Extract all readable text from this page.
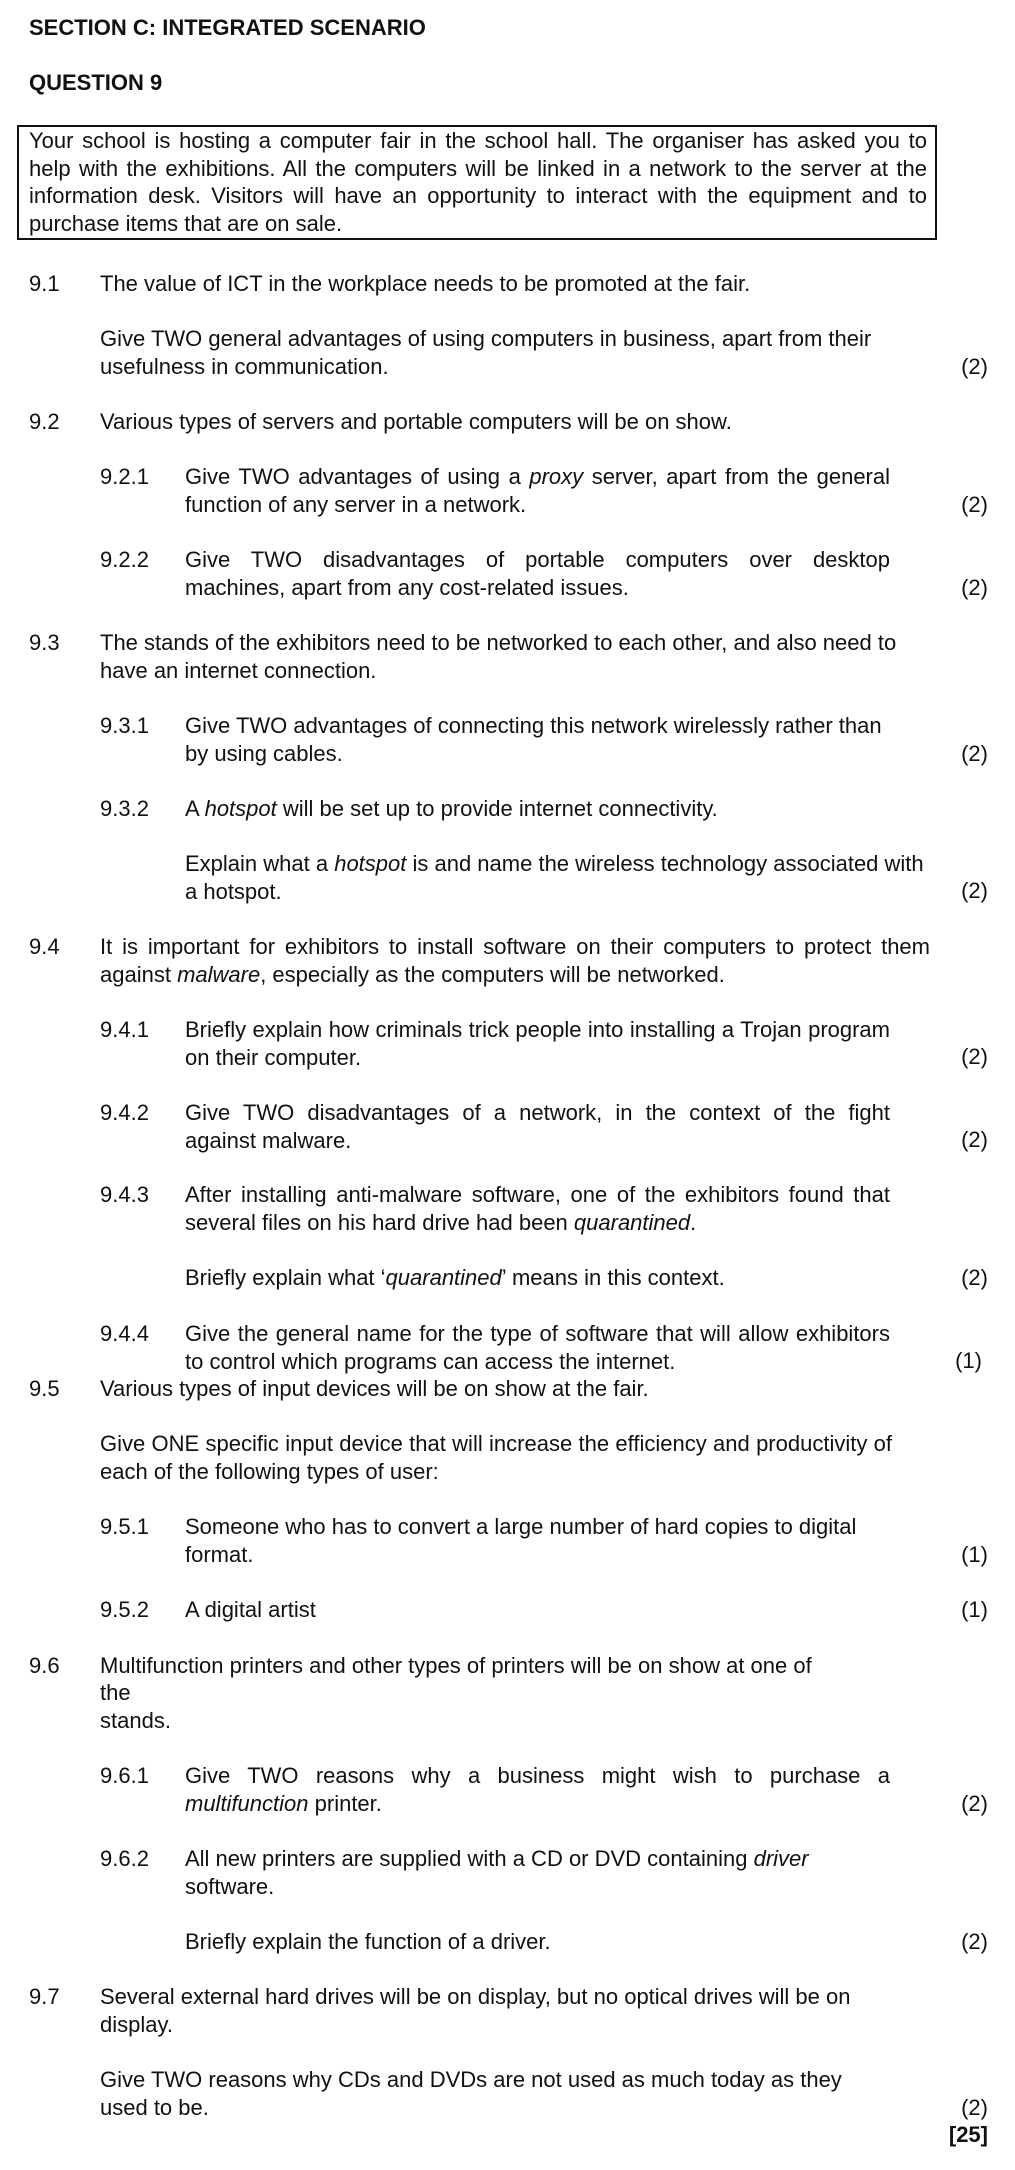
SECTION C: INTEGRATED SCENARIO
QUESTION 9
Your school is hosting a computer fair in the school hall. The organiser has asked you to help with the exhibitions. All the computers will be linked in a network to the server at the information desk. Visitors will have an opportunity to interact with the equipment and to purchase items that are on sale.
9.1 The value of ICT in the workplace needs to be promoted at the fair.
Give TWO general advantages of using computers in business, apart from their usefulness in communication.	(2)
9.2 Various types of servers and portable computers will be on show.
9.2.1 Give TWO advantages of using a proxy server, apart from the general function of any server in a network.	(2)
9.2.2 Give TWO disadvantages of portable computers over desktop machines, apart from any cost-related issues.	(2)
9.3 The stands of the exhibitors need to be networked to each other, and also need to have an internet connection.
9.3.1 Give TWO advantages of connecting this network wirelessly rather than by using cables.	(2)
9.3.2 A hotspot will be set up to provide internet connectivity.
Explain what a hotspot is and name the wireless technology associated with a hotspot.	(2)
9.4 It is important for exhibitors to install software on their computers to protect them against malware, especially as the computers will be networked.
9.4.1 Briefly explain how criminals trick people into installing a Trojan program on their computer.	(2)
9.4.2 Give TWO disadvantages of a network, in the context of the fight against malware.	(2)
9.4.3 After installing anti-malware software, one of the exhibitors found that several files on his hard drive had been quarantined.
Briefly explain what ‘quarantined’ means in this context.	(2)
9.4.4 Give the general name for the type of software that will allow exhibitors to control which programs can access the internet.	(1)
9.5 Various types of input devices will be on show at the fair.
Give ONE specific input device that will increase the efficiency and productivity of each of the following types of user:
9.5.1 Someone who has to convert a large number of hard copies to digital format.	(1)
9.5.2 A digital artist	(1)
9.6 Multifunction printers and other types of printers will be on show at one of
the
stands.
9.6.1 Give TWO reasons why a business might wish to purchase a multifunction printer.	(2)
9.6.2 All new printers are supplied with a CD or DVD containing driver software.
Briefly explain the function of a driver.	(2)
9.7 Several external hard drives will be on display, but no optical drives will be on display.
Give TWO reasons why CDs and DVDs are not used as much today as they used to be.	(2)
[25]
